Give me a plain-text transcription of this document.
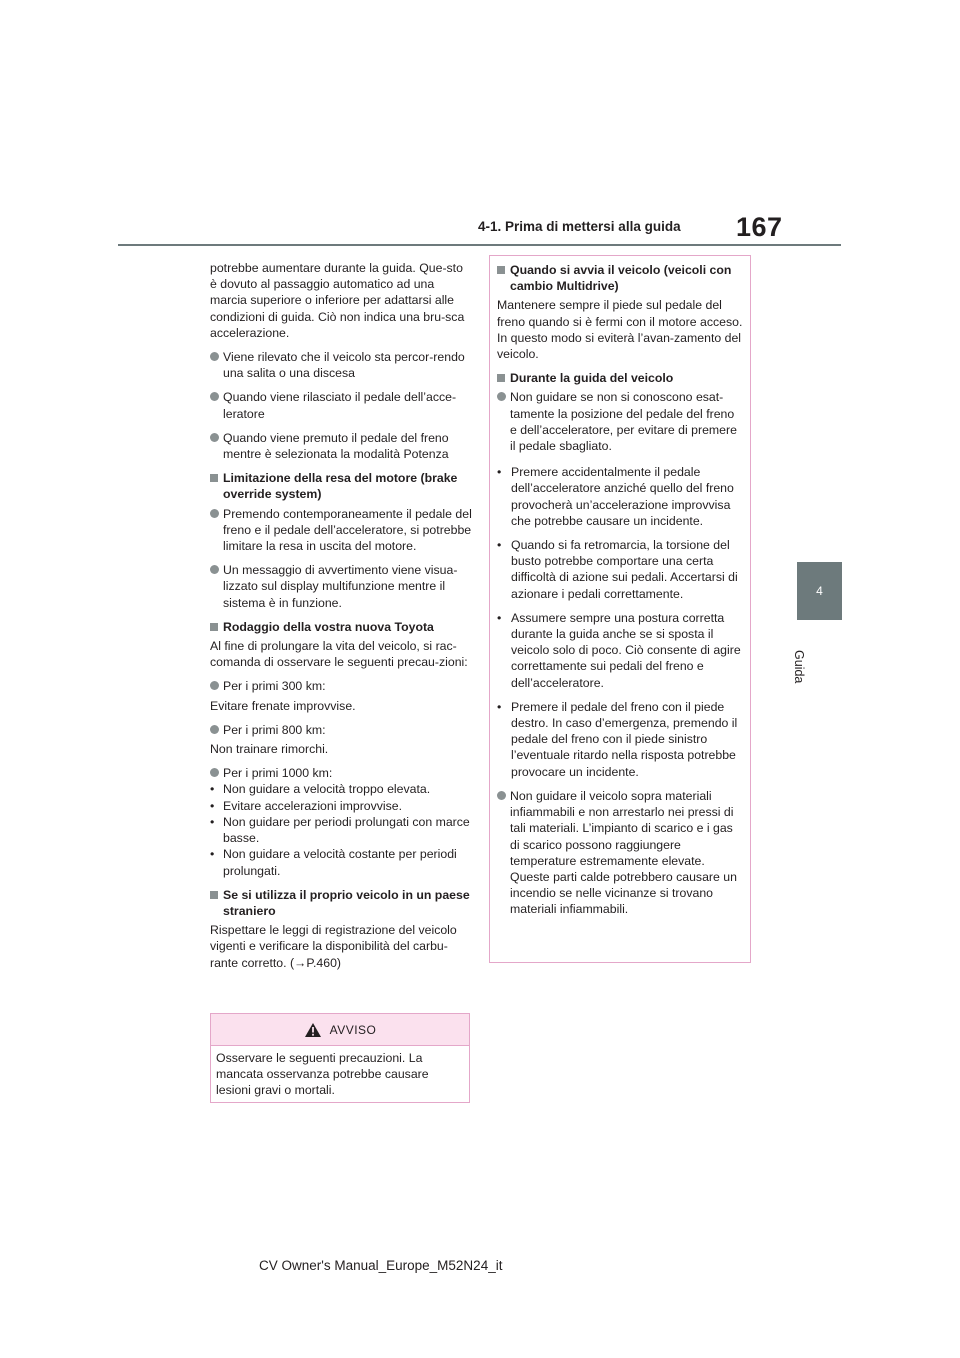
167
4-1. Prima di mettersi alla guida
4
Guida
potrebbe aumentare durante la guida. Que-sto è dovuto al passaggio automatico ad una marcia superiore o inferiore per adattarsi alle condizioni di guida. Ciò non indica una bru-sca accelerazione.
Viene rilevato che il veicolo sta percor-rendo una salita o una discesa
Quando viene rilasciato il pedale dell’acce-leratore
Quando viene premuto il pedale del freno mentre è selezionata la modalità Potenza
Limitazione della resa del motore (brake override system)
Premendo contemporaneamente il pedale del freno e il pedale dell’acceleratore, si potrebbe limitare la resa in uscita del motore.
Un messaggio di avvertimento viene visua-lizzato sul display multifunzione mentre il sistema è in funzione.
Rodaggio della vostra nuova Toyota
Al fine di prolungare la vita del veicolo, si rac-comanda di osservare le seguenti precau-zioni:
Per i primi 300 km:
Evitare frenate improvvise.
Per i primi 800 km:
Non trainare rimorchi.
Per i primi 1000 km:
• Non guidare a velocità troppo elevata.
• Evitare accelerazioni improvvise.
• Non guidare per periodi prolungati con marce basse.
• Non guidare a velocità costante per periodi prolungati.
Se si utilizza il proprio veicolo in un paese straniero
Rispettare le leggi di registrazione del veicolo vigenti e verificare la disponibilità del carbu-rante corretto. (→P.460)
AVVISO
Osservare le seguenti precauzioni. La mancata osservanza potrebbe causare lesioni gravi o mortali.
Quando si avvia il veicolo (veicoli con cambio Multidrive)
Mantenere sempre il piede sul pedale del freno quando si è fermi con il motore acceso. In questo modo si eviterà l’avan-zamento del veicolo.
Durante la guida del veicolo
Non guidare se non si conoscono esat-tamente la posizione del pedale del freno e dell’acceleratore, per evitare di premere il pedale sbagliato.
• Premere accidentalmente il pedale dell’acceleratore anziché quello del freno provocherà un’accelerazione improvvisa che potrebbe causare un incidente.
• Quando si fa retromarcia, la torsione del busto potrebbe comportare una certa difficoltà di azione sui pedali. Accertarsi di azionare i pedali correttamente.
• Assumere sempre una postura corretta durante la guida anche se si sposta il veicolo solo di poco. Ciò consente di agire correttamente sui pedali del freno e dell’acceleratore.
• Premere il pedale del freno con il piede destro. In caso d’emergenza, premendo il pedale del freno con il piede sinistro l’eventuale ritardo nella risposta potrebbe provocare un incidente.
Non guidare il veicolo sopra materiali infiammabili e non arrestarlo nei pressi di tali materiali. L’impianto di scarico e i gas di scarico possono raggiungere temperature estremamente elevate. Queste parti calde potrebbero causare un incendio se nelle vicinanze si trovano materiali infiammabili.
CV Owner's Manual_Europe_M52N24_it
